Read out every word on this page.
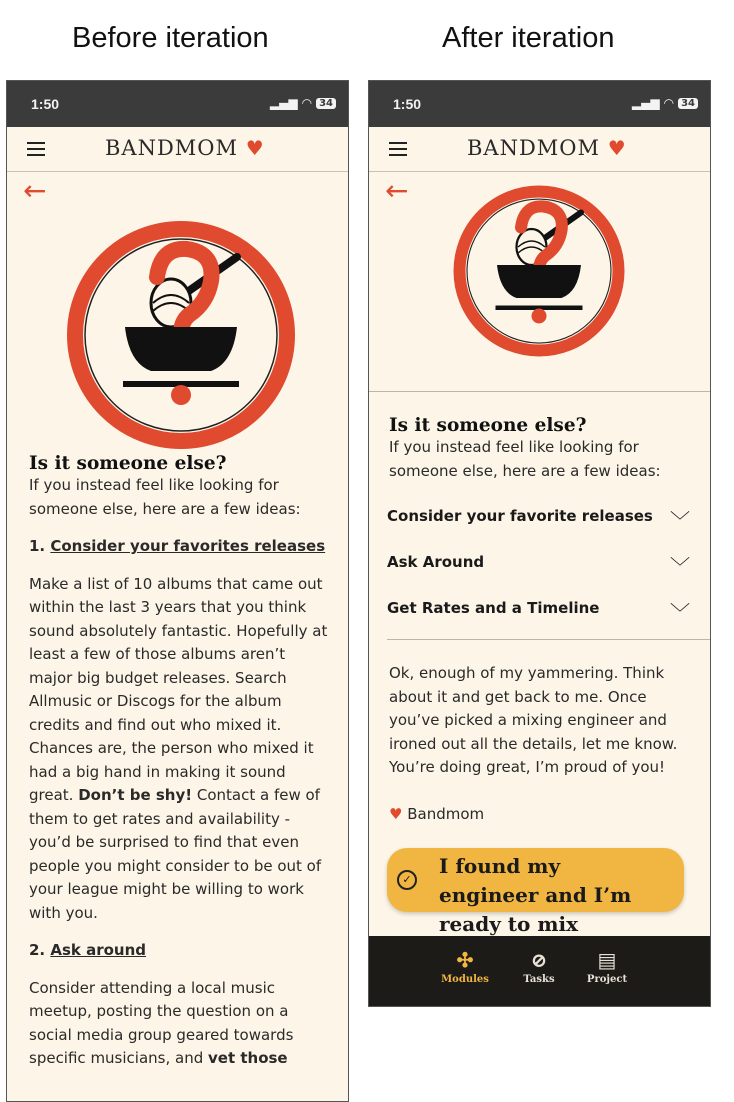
Before iteration	After iteration
1:50	▂▄▆ ◠ 34
BANDMOM ♥
←
Is it someone else?
If you instead feel like looking for someone else, here are a few ideas:
1. Consider your favorites releases
Make a list of 10 albums that came out within the last 3 years that you think sound absolutely fantastic. Hopefully at least a few of those albums aren’t major big budget releases. Search Allmusic or Discogs for the album credits and find out who mixed it. Chances are, the person who mixed it had a big hand in making it sound great. Don’t be shy! Contact a few of them to get rates and availability - you’d be surprised to find that even people you might consider to be out of your league might be willing to work with you.
2. Ask around
Consider attending a local music meetup, posting the question on a social media group geared towards specific musicians, and vet those
1:50	▂▄▆ ◠ 34
BANDMOM ♥
←
Is it someone else?
If you instead feel like looking for someone else, here are a few ideas:
Consider your favorite releases ﹀
Ask Around	﹀
Get Rates and a Timeline	﹀
Ok, enough of my yammering. Think about it and get back to me. Once you’ve picked a mixing engineer and ironed out all the details, let me know. You’re doing great, I’m proud of you!
♥ Bandmom
✓
I found my engineer and I’m ready to mix
✣
Modules
⊘
Tasks
▤
Project
